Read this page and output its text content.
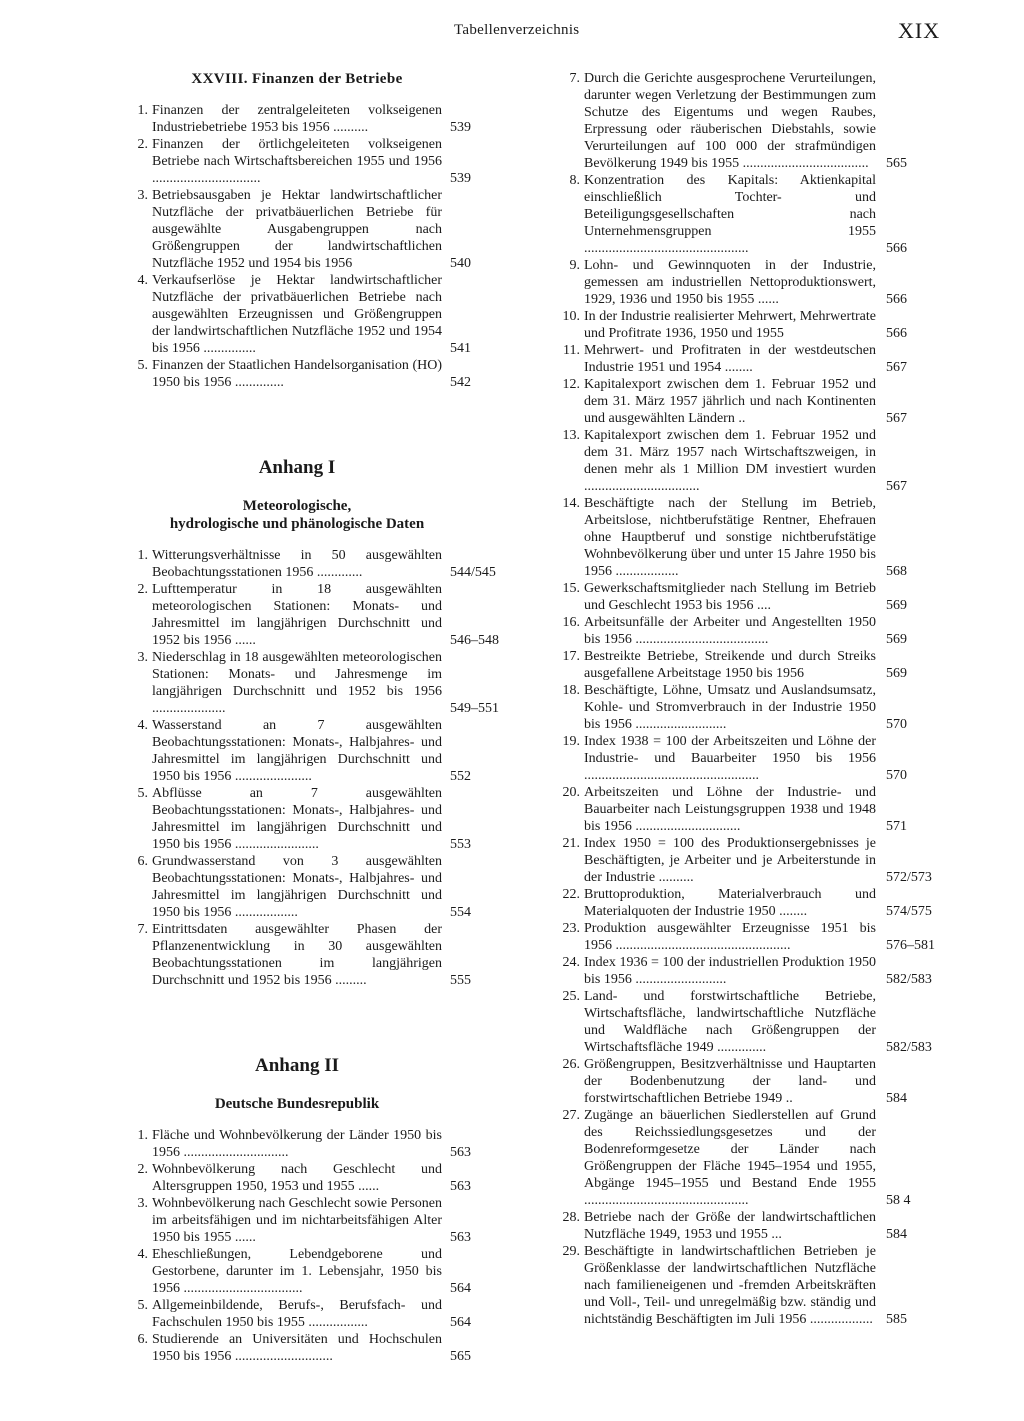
Tabellenverzeichnis	XIX
XXVIII. Finanzen der Betriebe
1. Finanzen der zentralgeleiteten volkseigenen Industriebetriebe 1953 bis 1956 ..........	539
2. Finanzen der örtlichgeleiteten volkseigenen Betriebe nach Wirtschaftsbereichen 1955 und 1956 ...............................	539
3. Betriebsausgaben je Hektar landwirtschaftlicher Nutzfläche der privatbäuerlichen Betriebe für ausgewählte Ausgabengruppen nach Größengruppen der landwirtschaftlichen Nutzfläche 1952 und 1954 bis 1956	540
4. Verkaufserlöse je Hektar landwirtschaftlicher Nutzfläche der privatbäuerlichen Betriebe nach ausgewählten Erzeugnissen und Größengruppen der landwirtschaftlichen Nutzfläche 1952 und 1954 bis 1956 ...............	541
5. Finanzen der Staatlichen Handelsorganisation (HO) 1950 bis 1956 ..............	542
Anhang I
Meteorologische,
hydrologische und phänologische Daten
1. Witterungsverhältnisse in 50 ausgewählten Beobachtungsstationen 1956 .............	544/545
2. Lufttemperatur in 18 ausgewählten meteorologischen Stationen: Monats- und Jahresmittel im langjährigen Durchschnitt und 1952 bis 1956 ......	546–548
3. Niederschlag in 18 ausgewählten meteorologischen Stationen: Monats- und Jahresmenge im langjährigen Durchschnitt und 1952 bis 1956 .....................	549–551
4. Wasserstand an 7 ausgewählten Beobachtungsstationen: Monats-, Halbjahres- und Jahresmittel im langjährigen Durchschnitt und 1950 bis 1956 ......................	552
5. Abflüsse an 7 ausgewählten Beobachtungsstationen: Monats-, Halbjahres- und Jahresmittel im langjährigen Durchschnitt und 1950 bis 1956 ........................	553
6. Grundwasserstand von 3 ausgewählten Beobachtungsstationen: Monats-, Halbjahres- und Jahresmittel im langjährigen Durchschnitt und 1950 bis 1956 ..................	554
7. Eintrittsdaten ausgewählter Phasen der Pflanzenentwicklung in 30 ausgewählten Beobachtungsstationen im langjährigen Durchschnitt und 1952 bis 1956 .........	555
Anhang II
Deutsche Bundesrepublik
1. Fläche und Wohnbevölkerung der Länder 1950 bis 1956 ..............................	563
2. Wohnbevölkerung nach Geschlecht und Altersgruppen 1950, 1953 und 1955 ......	563
3. Wohnbevölkerung nach Geschlecht sowie Personen im arbeitsfähigen und im nichtarbeitsfähigen Alter 1950 bis 1955 ......	563
4. Eheschließungen, Lebendgeborene und Gestorbene, darunter im 1. Lebensjahr, 1950 bis 1956 ..................................	564
5. Allgemeinbildende, Berufs-, Berufsfach- und Fachschulen 1950 bis 1955 .................	564
6. Studierende an Universitäten und Hochschulen 1950 bis 1956 ............................	565
7. Durch die Gerichte ausgesprochene Verurteilungen, darunter wegen Verletzung der Bestimmungen zum Schutze des Eigentums und wegen Raubes, Erpressung oder räuberischen Diebstahls, sowie Verurteilungen auf 100 000 der strafmündigen Bevölkerung 1949 bis 1955 ....................................	565
8. Konzentration des Kapitals: Aktienkapital einschließlich Tochter- und Beteiligungsgesellschaften nach Unternehmensgruppen 1955 ...............................................	566
9. Lohn- und Gewinnquoten in der Industrie, gemessen am industriellen Nettoproduktionswert, 1929, 1936 und 1950 bis 1955 ......	566
10. In der Industrie realisierter Mehrwert, Mehrwertrate und Profitrate 1936, 1950 und 1955	566
11. Mehrwert- und Profitraten in der westdeutschen Industrie 1951 und 1954 ........	567
12. Kapitalexport zwischen dem 1. Februar 1952 und dem 31. März 1957 jährlich und nach Kontinenten und ausgewählten Ländern ..	567
13. Kapitalexport zwischen dem 1. Februar 1952 und dem 31. März 1957 nach Wirtschaftszweigen, in denen mehr als 1 Million DM investiert wurden .................................	567
14. Beschäftigte nach der Stellung im Betrieb, Arbeitslose, nichtberufstätige Rentner, Ehefrauen ohne Hauptberuf und sonstige nichtberufstätige Wohnbevölkerung über und unter 15 Jahre 1950 bis 1956 ..................	568
15. Gewerkschaftsmitglieder nach Stellung im Betrieb und Geschlecht 1953 bis 1956 ....	569
16. Arbeitsunfälle der Arbeiter und Angestellten 1950 bis 1956 ......................................	569
17. Bestreikte Betriebe, Streikende und durch Streiks ausgefallene Arbeitstage 1950 bis 1956	569
18. Beschäftigte, Löhne, Umsatz und Auslandsumsatz, Kohle- und Stromverbrauch in der Industrie 1950 bis 1956 ..........................	570
19. Index 1938 = 100 der Arbeitszeiten und Löhne der Industrie- und Bauarbeiter 1950 bis 1956 ..................................................	570
20. Arbeitszeiten und Löhne der Industrie- und Bauarbeiter nach Leistungsgruppen 1938 und 1948 bis 1956 ..............................	571
21. Index 1950 = 100 des Produktionsergebnisses je Beschäftigten, je Arbeiter und je Arbeiterstunde in der Industrie ..........	572/573
22. Bruttoproduktion, Materialverbrauch und Materialquoten der Industrie 1950 ........	574/575
23. Produktion ausgewählter Erzeugnisse 1951 bis 1956 ..................................................	576–581
24. Index 1936 = 100 der industriellen Produktion 1950 bis 1956 ..........................	582/583
25. Land- und forstwirtschaftliche Betriebe, Wirtschaftsfläche, landwirtschaftliche Nutzfläche und Waldfläche nach Größengruppen der Wirtschaftsfläche 1949 ..............	582/583
26. Größengruppen, Besitzverhältnisse und Hauptarten der Bodenbenutzung der land- und forstwirtschaftlichen Betriebe 1949 ..	584
27. Zugänge an bäuerlichen Siedlerstellen auf Grund des Reichssiedlungsgesetzes und der Bodenreformgesetze der Länder nach Größengruppen der Fläche 1945–1954 und 1955, Abgänge 1945–1955 und Bestand Ende 1955 ...............................................	58 4
28. Betriebe nach der Größe der landwirtschaftlichen Nutzfläche 1949, 1953 und 1955 ...	584
29. Beschäftigte in landwirtschaftlichen Betrieben je Größenklasse der landwirtschaftlichen Nutzfläche nach familieneigenen und -fremden Arbeitskräften und Voll-, Teil- und unregelmäßig bzw. ständig und nichtständig Beschäftigten im Juli 1956 .................. 585
